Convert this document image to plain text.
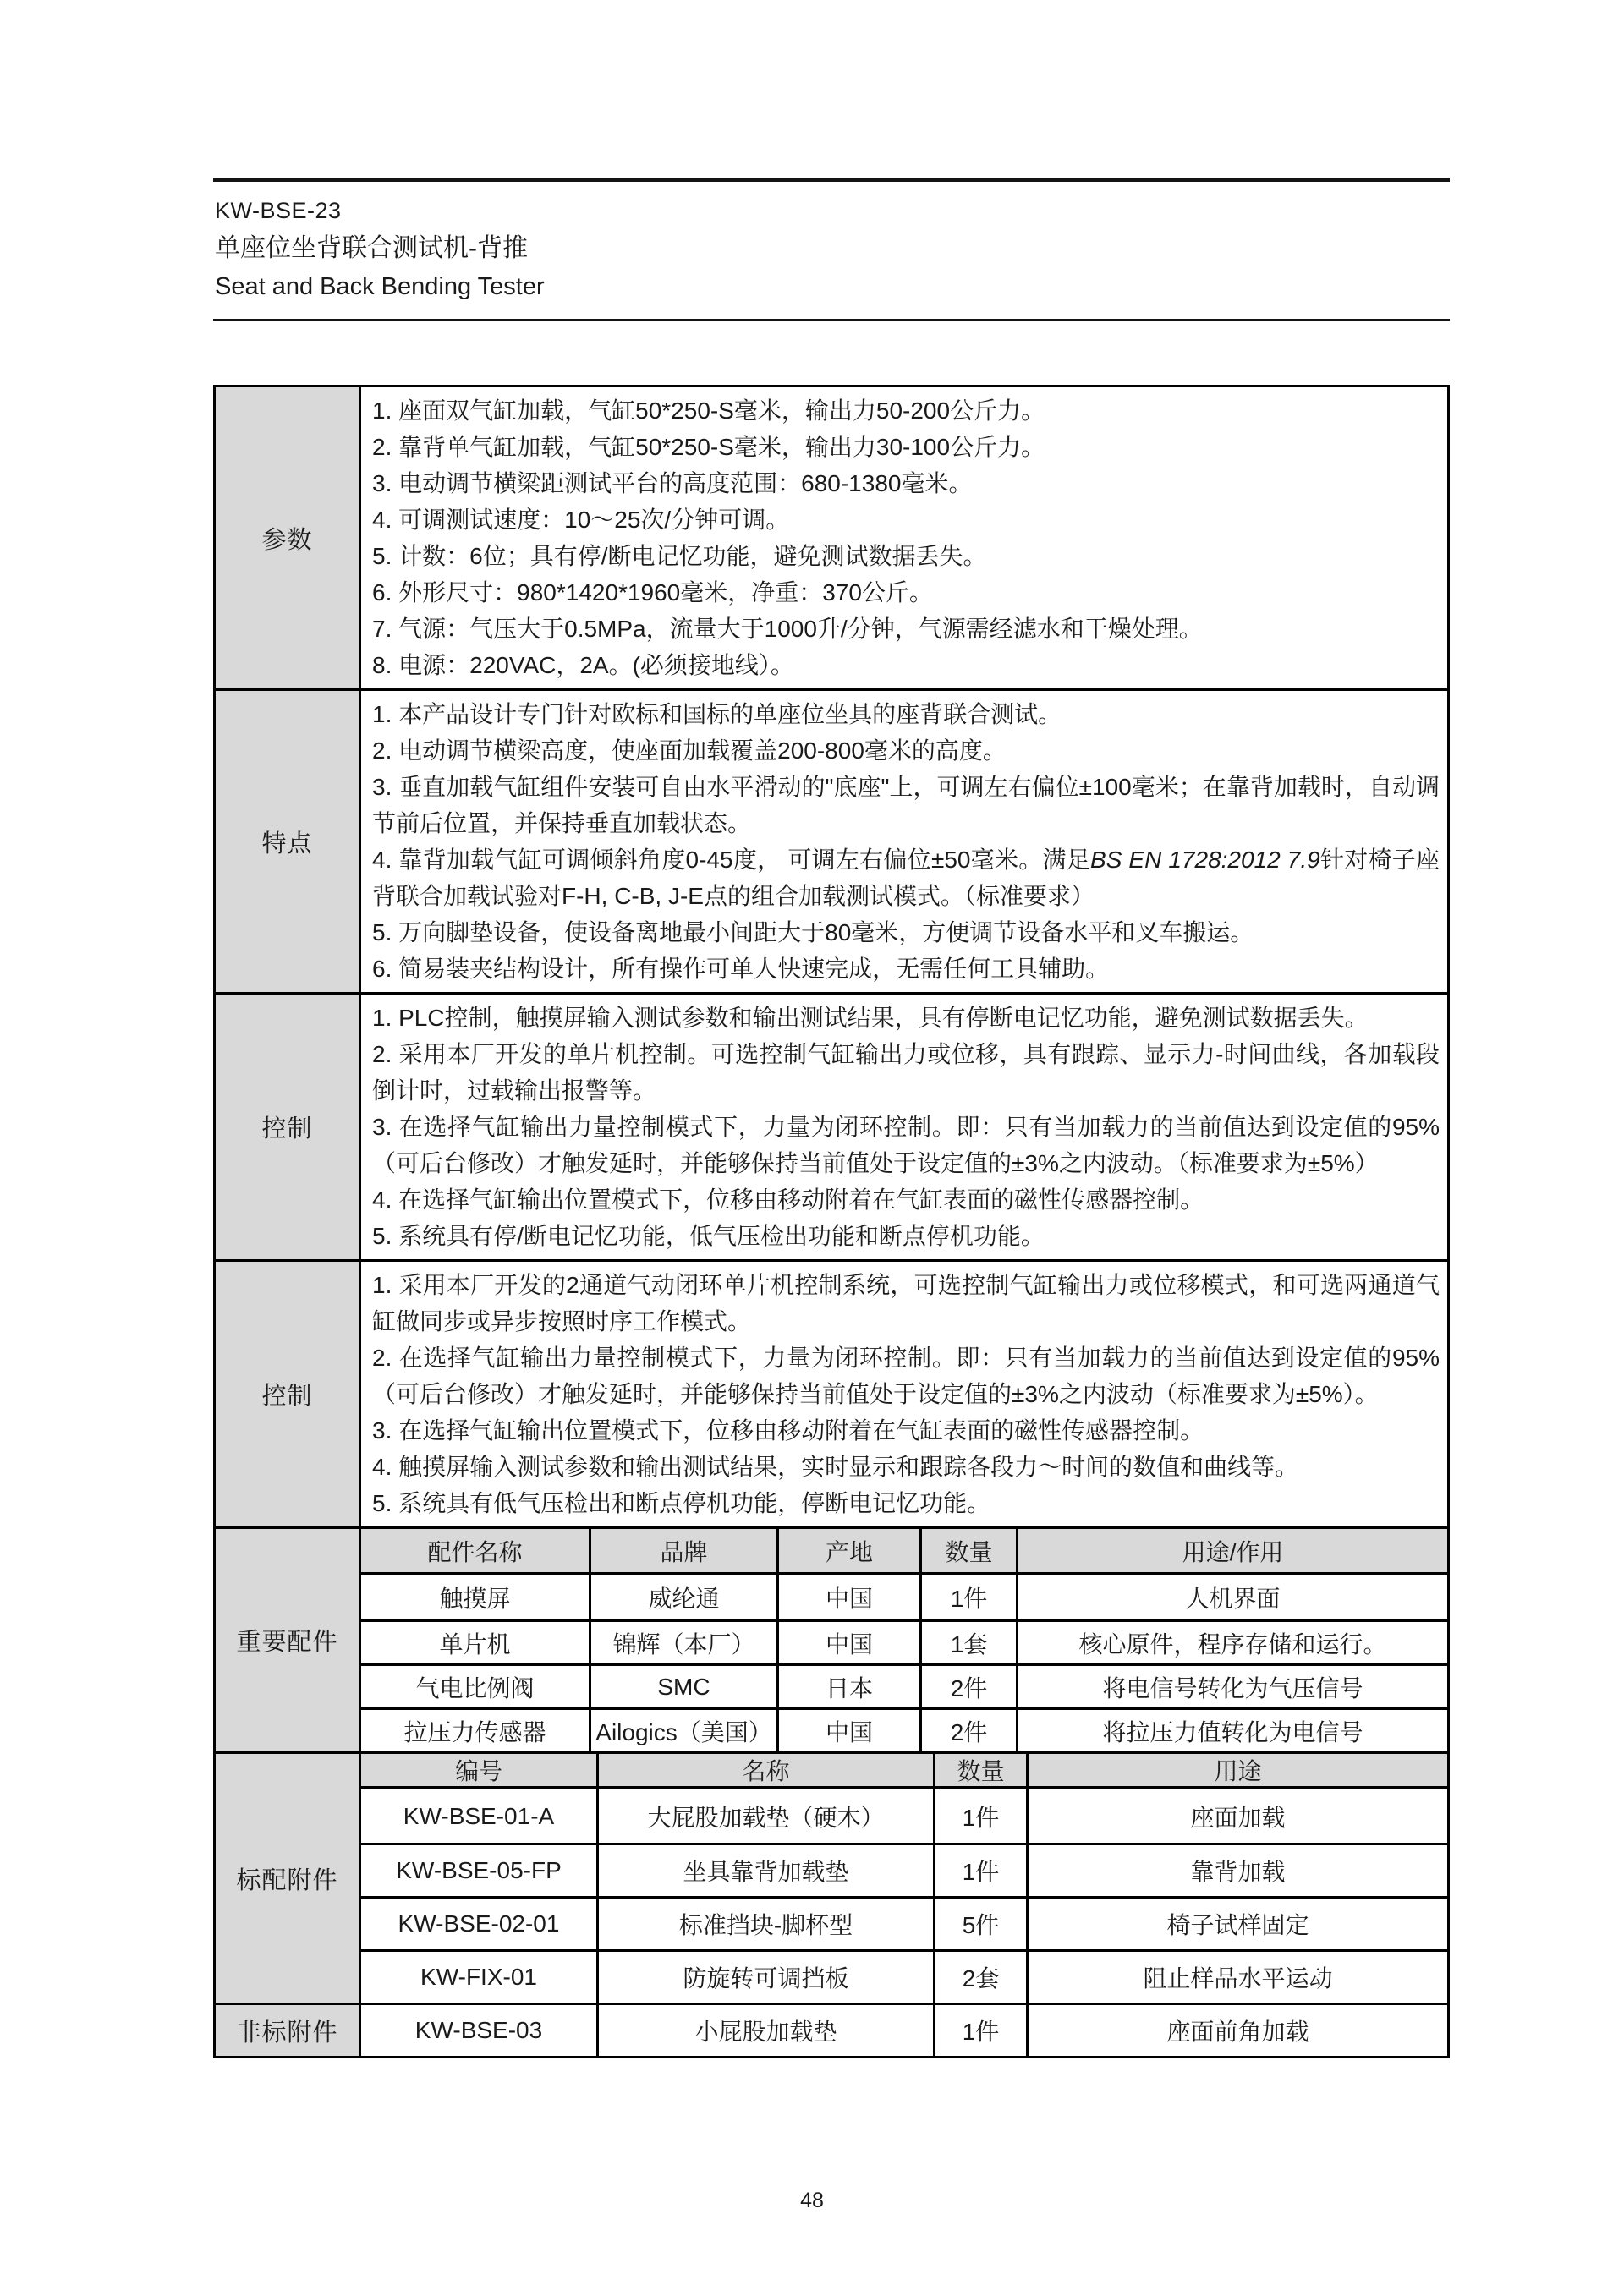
KW-BSE-23
单座位坐背联合测试机-背推
Seat and Back Bending Tester
参数
1. 座面双气缸加载，气缸50*250-S毫米，输出力50-200公斤力。
2. 靠背单气缸加载，气缸50*250-S毫米，输出力30-100公斤力。
3. 电动调节横梁距测试平台的高度范围：680-1380毫米。
4. 可调测试速度：10～25次/分钟可调。
5. 计数：6位；具有停/断电记忆功能，避免测试数据丢失。
6. 外形尺寸：980*1420*1960毫米，净重：370公斤。
7. 气源：气压大于0.5MPa，流量大于1000升/分钟，气源需经滤水和干燥处理。
8. 电源：220VAC，2A。(必须接地线）。
特点
1. 本产品设计专门针对欧标和国标的单座位坐具的座背联合测试。
2. 电动调节横梁高度，使座面加载覆盖200-800毫米的高度。
3. 垂直加载气缸组件安装可自由水平滑动的"底座"上，可调左右偏位±100毫米；在靠背加载时，自动调节前后位置，并保持垂直加载状态。
4. 靠背加载气缸可调倾斜角度0-45度， 可调左右偏位±50毫米。满足BS EN 1728:2012 7.9针对椅子座背联合加载试验对F-H, C-B, J-E点的组合加载测试模式。（标准要求）
5. 万向脚垫设备，使设备离地最小间距大于80毫米，方便调节设备水平和叉车搬运。
6. 简易装夹结构设计，所有操作可单人快速完成，无需任何工具辅助。
控制
1. PLC控制，触摸屏输入测试参数和输出测试结果，具有停断电记忆功能，避免测试数据丢失。
2. 采用本厂开发的单片机控制。可选控制气缸输出力或位移，具有跟踪、显示力-时间曲线，各加载段倒计时，过载输出报警等。
3. 在选择气缸输出力量控制模式下，力量为闭环控制。即：只有当加载力的当前值达到设定值的95%（可后台修改）才触发延时，并能够保持当前值处于设定值的±3%之内波动。（标准要求为±5%）
4. 在选择气缸输出位置模式下，位移由移动附着在气缸表面的磁性传感器控制。
5. 系统具有停/断电记忆功能，低气压检出功能和断点停机功能。
控制
1. 采用本厂开发的2通道气动闭环单片机控制系统，可选控制气缸输出力或位移模式，和可选两通道气缸做同步或异步按照时序工作模式。
2. 在选择气缸输出力量控制模式下，力量为闭环控制。即：只有当加载力的当前值达到设定值的95%（可后台修改）才触发延时，并能够保持当前值处于设定值的±3%之内波动（标准要求为±5%）。
3. 在选择气缸输出位置模式下，位移由移动附着在气缸表面的磁性传感器控制。
4. 触摸屏输入测试参数和输出测试结果，实时显示和跟踪各段力～时间的数值和曲线等。
5. 系统具有低气压检出和断点停机功能，停断电记忆功能。
重要配件
配件名称	品牌	产地	数量	用途/作用
触摸屏	威纶通	中国	1件	人机界面
单片机	锦辉（本厂）	中国	1套	核心原件，程序存储和运行。
气电比例阀	SMC	日本	2件	将电信号转化为气压信号
拉压力传感器	Ailogics（美国）	中国	2件	将拉压力值转化为电信号
标配附件
编号	名称	数量	用途
KW-BSE-01-A	大屁股加载垫（硬木）	1件	座面加载
KW-BSE-05-FP	坐具靠背加载垫	1件	靠背加载
KW-BSE-02-01	标准挡块-脚杯型	5件	椅子试样固定
KW-FIX-01	防旋转可调挡板	2套	阻止样品水平运动
非标附件	KW-BSE-03	小屁股加载垫	1件	座面前角加载
48
